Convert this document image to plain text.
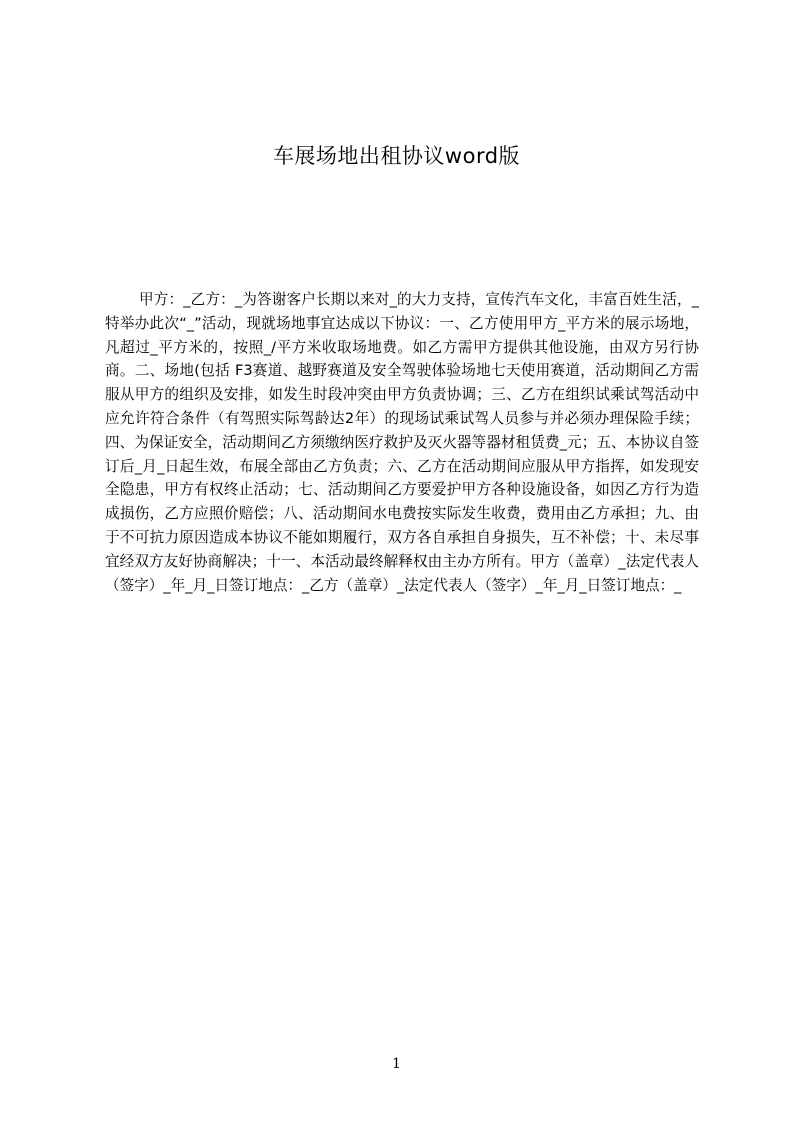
车展场地出租协议word版

甲方：_乙方：_为答谢客户长期以来对_的大力支持，宣传汽车文化，丰富百姓生活，_特举办此次“_”活动，现就场地事宜达成以下协议：一、乙方使用甲方_平方米的展示场地，凡超过_平方米的，按照_/平方米收取场地费。如乙方需甲方提供其他设施，由双方另行协商。二、场地(包括 F3赛道、越野赛道及安全驾驶体验场地七天使用赛道，活动期间乙方需服从甲方的组织及安排，如发生时段冲突由甲方负责协调；三、乙方在组织试乘试驾活动中应允许符合条件（有驾照实际驾龄达2年）的现场试乘试驾人员参与并必须办理保险手续；四、为保证安全，活动期间乙方须缴纳医疗救护及灭火器等器材租赁费_元；五、本协议自签订后_月_日起生效，布展全部由乙方负责；六、乙方在活动期间应服从甲方指挥，如发现安全隐患，甲方有权终止活动；七、活动期间乙方要爱护甲方各种设施设备，如因乙方行为造成损伤，乙方应照价赔偿；八、活动期间水电费按实际发生收费，费用由乙方承担；九、由于不可抗力原因造成本协议不能如期履行，双方各自承担自身损失，互不补偿；十、未尽事宜经双方友好协商解决；十一、本活动最终解释权由主办方所有。甲方（盖章）_法定代表人（签字）_年_月_日签订地点：_乙方（盖章）_法定代表人（签字）_年_月_日签订地点：_

1
